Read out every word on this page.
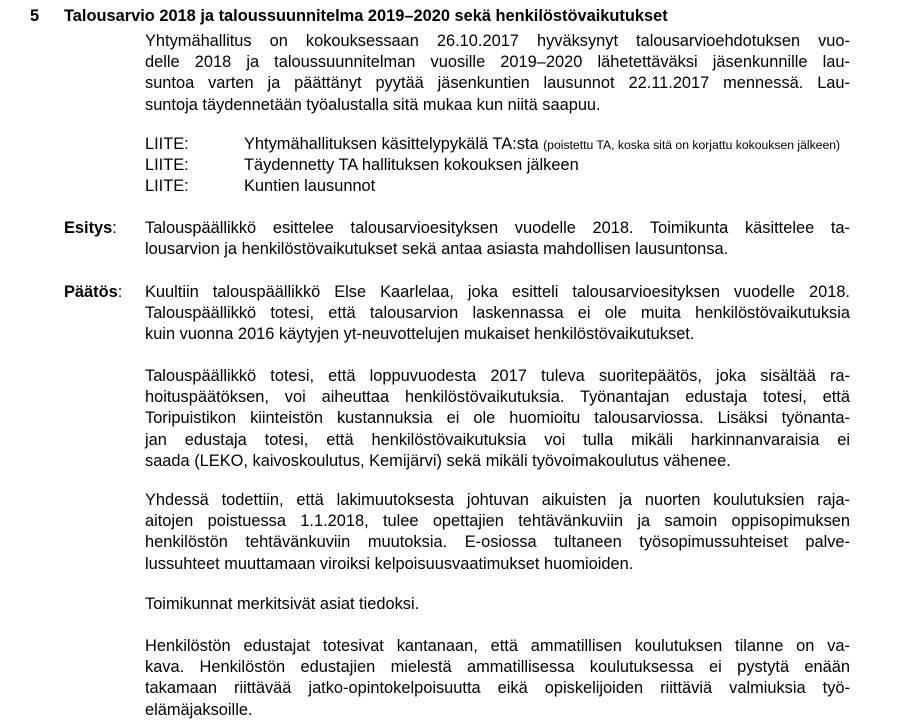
5 Talousarvio 2018 ja taloussuunnitelma 2019–2020 sekä henkilöstövaikutukset
Yhtymähallitus on kokouksessaan 26.10.2017 hyväksynyt talousarvioehdotuksen vuo-
delle 2018 ja taloussuunnitelman vuosille 2019–2020 lähetettäväksi jäsenkunnille lau-
suntoa varten ja päättänyt pyytää jäsenkuntien lausunnot 22.11.2017 mennessä. Lau-
suntoja täydennetään työalustalla sitä mukaa kun niitä saapuu.
LIITE:	Yhtymähallituksen käsittelypykälä TA:sta (poistettu TA, koska sitä on korjattu kokouksen jälkeen)
LIITE:	Täydennetty TA hallituksen kokouksen jälkeen
LIITE:	Kuntien lausunnot
Esitys: Talouspäällikkö esittelee talousarvioesityksen vuodelle 2018. Toimikunta käsittelee ta-
lousarvion ja henkilöstövaikutukset sekä antaa asiasta mahdollisen lausuntonsa.
Päätös: Kuultiin talouspäällikkö Else Kaarlelaa, joka esitteli talousarvioesityksen vuodelle 2018.
Talouspäällikkö totesi, että talousarvion laskennassa ei ole muita henkilöstövaikutuksia
kuin vuonna 2016 käytyjen yt-neuvottelujen mukaiset henkilöstövaikutukset.
Talouspäällikkö totesi, että loppuvuodesta 2017 tuleva suoritepäätös, joka sisältää ra-
hoituspäätöksen, voi aiheuttaa henkilöstövaikutuksia. Työnantajan edustaja totesi, että
Toripuistikon kiinteistön kustannuksia ei ole huomioitu talousarviossa. Lisäksi työnanta-
jan edustaja totesi, että henkilöstövaikutuksia voi tulla mikäli harkinnanvaraisia ei
saada (LEKO, kaivoskoulutus, Kemijärvi) sekä mikäli työvoimakoulutus vähenee.
Yhdessä todettiin, että lakimuutoksesta johtuvan aikuisten ja nuorten koulutuksien raja-
aitojen poistuessa 1.1.2018, tulee opettajien tehtävänkuviin ja samoin oppisopimuksen
henkilöstön tehtävänkuviin muutoksia. E-osiossa tultaneen työsopimussuhteiset palve-
lussuhteet muuttamaan viroiksi kelpoisuusvaatimukset huomioiden.
Toimikunnat merkitsivät asiat tiedoksi.
Henkilöstön edustajat totesivat kantanaan, että ammatillisen koulutuksen tilanne on va-
kava. Henkilöstön edustajien mielestä ammatillisessa koulutuksessa ei pystytä enään
takamaan riittävää jatko-opintokelpoisuutta eikä opiskelijoiden riittäviä valmiuksia työ-
elämäjaksoille.
